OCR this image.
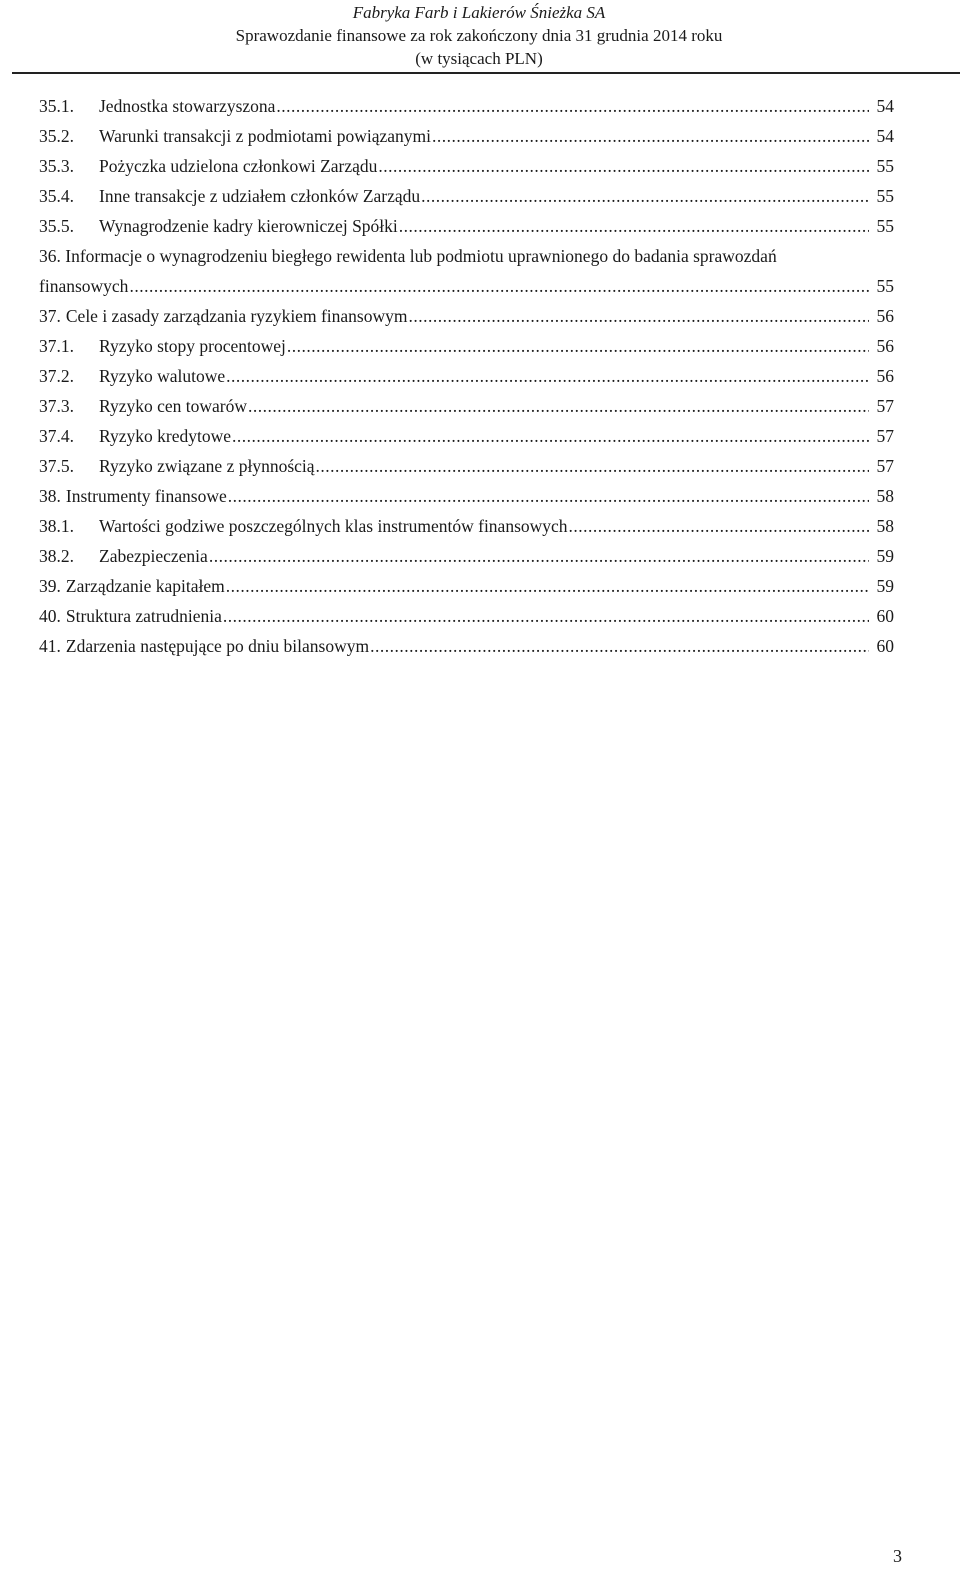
Fabryka Farb i Lakierów Śnieżka SA
Sprawozdanie finansowe za rok zakończony dnia 31 grudnia 2014 roku
(w tysiącach PLN)
35.1.	Jednostka stowarzyszona .....	54
35.2.	Warunki transakcji z podmiotami powiązanymi .....	54
35.3.	Pożyczka udzielona członkowi Zarządu .....	55
35.4.	Inne transakcje z udziałem członków Zarządu .....	55
35.5.	Wynagrodzenie kadry kierowniczej Spółki .....	55
36. Informacje o wynagrodzeniu biegłego rewidenta lub podmiotu uprawnionego do badania sprawozdań
finansowych .....	55
37. Cele i zasady zarządzania ryzykiem finansowym .....	56
37.1.	Ryzyko stopy procentowej .....	56
37.2.	Ryzyko walutowe .....	56
37.3.	Ryzyko cen towarów .....	57
37.4.	Ryzyko kredytowe .....	57
37.5.	Ryzyko związane z płynnością .....	57
38. Instrumenty finansowe .....	58
38.1.	Wartości godziwe poszczególnych klas instrumentów finansowych .....	58
38.2.	Zabezpieczenia .....	59
39. Zarządzanie kapitałem .....	59
40. Struktura zatrudnienia .....	60
41. Zdarzenia następujące po dniu bilansowym .....	60
3
